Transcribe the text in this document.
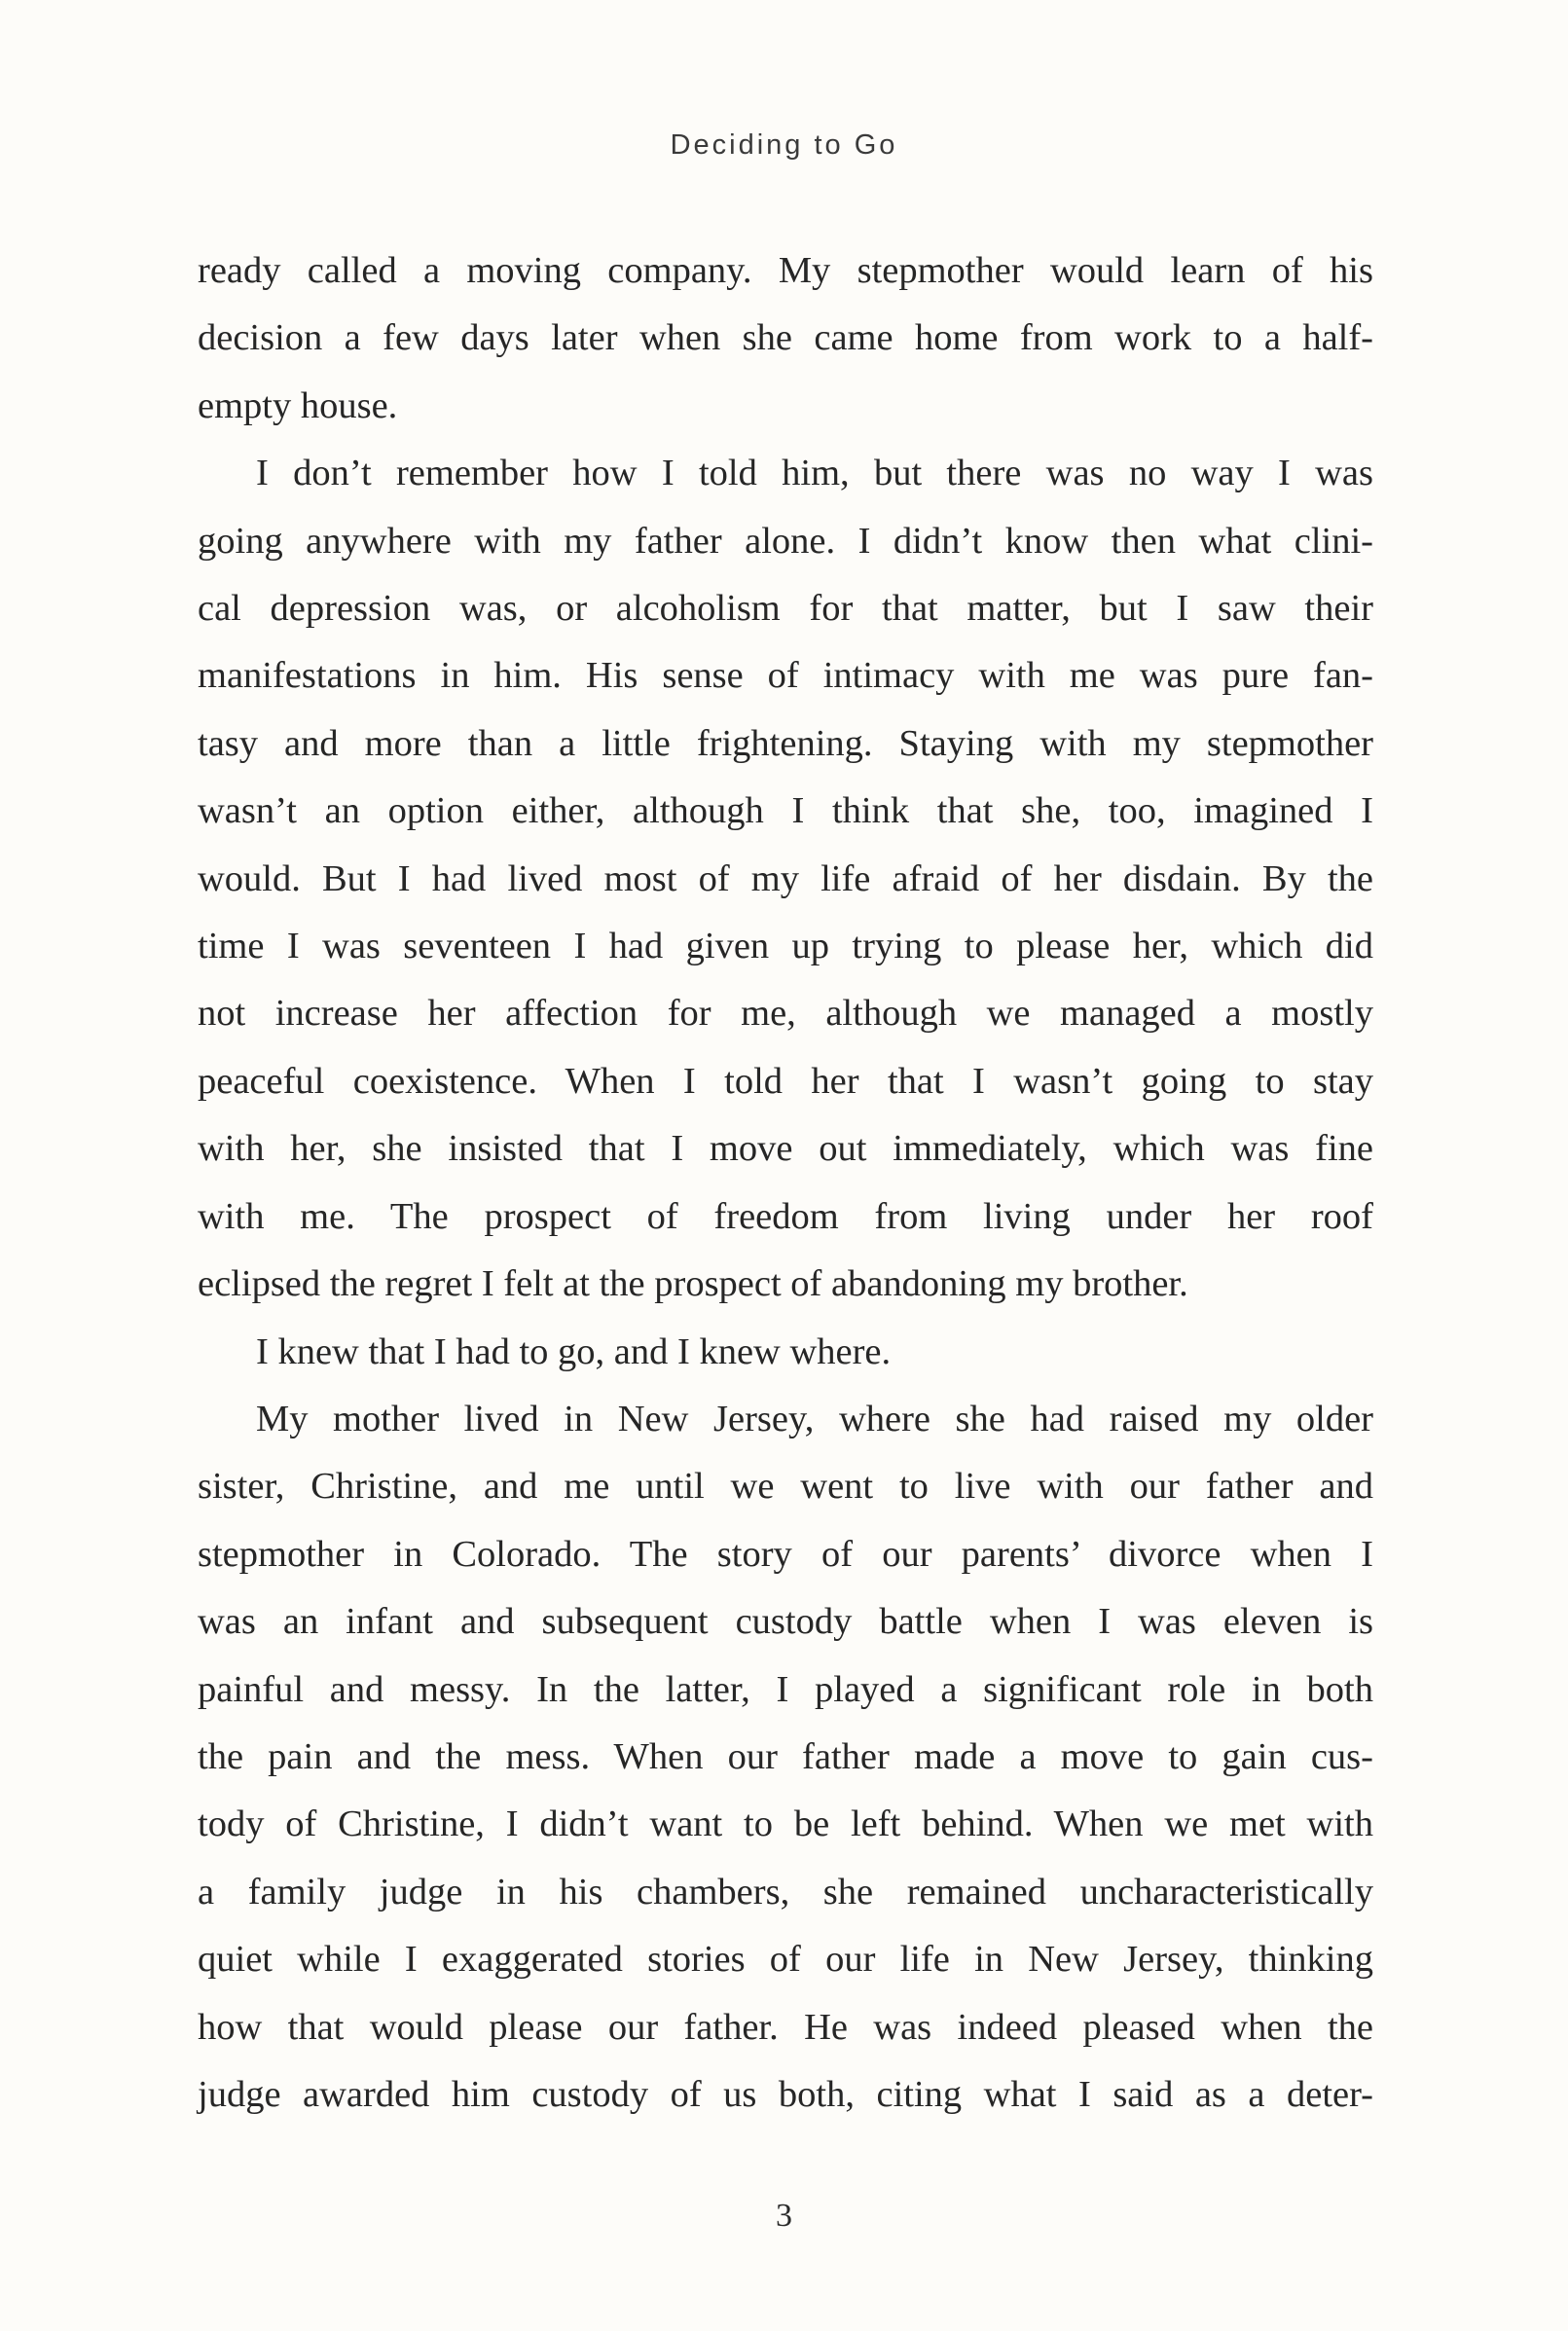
Deciding to Go

ready called a moving company. My stepmother would learn of his

decision a few days later when she came home from work to a half-

empty house.

I don’t remember how I told him, but there was no way I was

going anywhere with my father alone. I didn’t know then what clini-

cal depression was, or alcoholism for that matter, but I saw their

manifestations in him. His sense of intimacy with me was pure fan-

tasy and more than a little frightening. Staying with my stepmother

wasn’t an option either, although I think that she, too, imagined I

would. But I had lived most of my life afraid of her disdain. By the

time I was seventeen I had given up trying to please her, which did

not increase her affection for me, although we managed a mostly

peaceful coexistence. When I told her that I wasn’t going to stay

with her, she insisted that I move out immediately, which was fine

with me. The prospect of freedom from living under her roof

eclipsed the regret I felt at the prospect of abandoning my brother.

I knew that I had to go, and I knew where.

My mother lived in New Jersey, where she had raised my older

sister, Christine, and me until we went to live with our father and

stepmother in Colorado. The story of our parents’ divorce when I

was an infant and subsequent custody battle when I was eleven is

painful and messy. In the latter, I played a significant role in both

the pain and the mess. When our father made a move to gain cus-

tody of Christine, I didn’t want to be left behind. When we met with

a family judge in his chambers, she remained uncharacteristically

quiet while I exaggerated stories of our life in New Jersey, thinking

how that would please our father. He was indeed pleased when the

judge awarded him custody of us both, citing what I said as a deter-

3
